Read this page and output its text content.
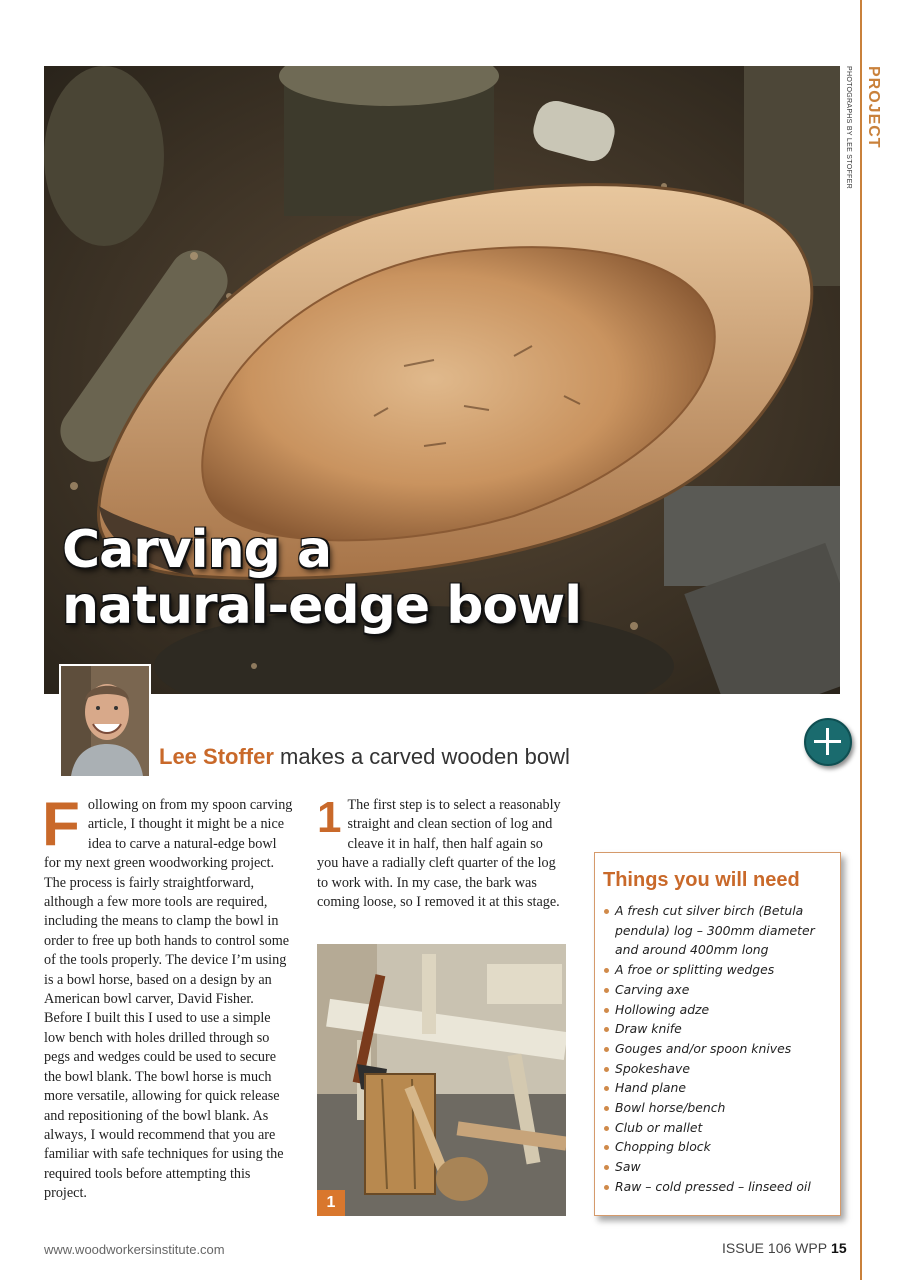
PROJECT
PHOTOGRAPHS BY LEE STOFFER
Carving a
natural-edge bowl
Lee Stoffer makes a carved wooden bowl
Following on from my spoon carving article, I thought it might be a nice idea to carve a natural-edge bowl for my next green woodworking project. The process is fairly straightforward, although a few more tools are required, including the means to clamp the bowl in order to free up both hands to control some of the tools properly. The device I’m using is a bowl horse, based on a design by an American bowl carver, David Fisher. Before I built this I used to use a simple low bench with holes drilled through so pegs and wedges could be used to secure the bowl blank. The bowl horse is much more versatile, allowing for quick release and repositioning of the bowl blank. As always, I would recommend that you are familiar with safe techniques for using the required tools before attempting this project.
1 The first step is to select a reasonably straight and clean section of log and cleave it in half, then half again so you have a radially cleft quarter of the log to work with. In my case, the bark was coming loose, so I removed it at this stage.
1
Things you will need
A fresh cut silver birch (Betula pendula) log – 300mm diameter and around 400mm long
A froe or splitting wedges
Carving axe
Hollowing adze
Draw knife
Gouges and/or spoon knives
Spokeshave
Hand plane
Bowl horse/bench
Club or mallet
Chopping block
Saw
Raw – cold pressed – linseed oil
www.woodworkersinstitute.com	ISSUE 106 WPP 15
